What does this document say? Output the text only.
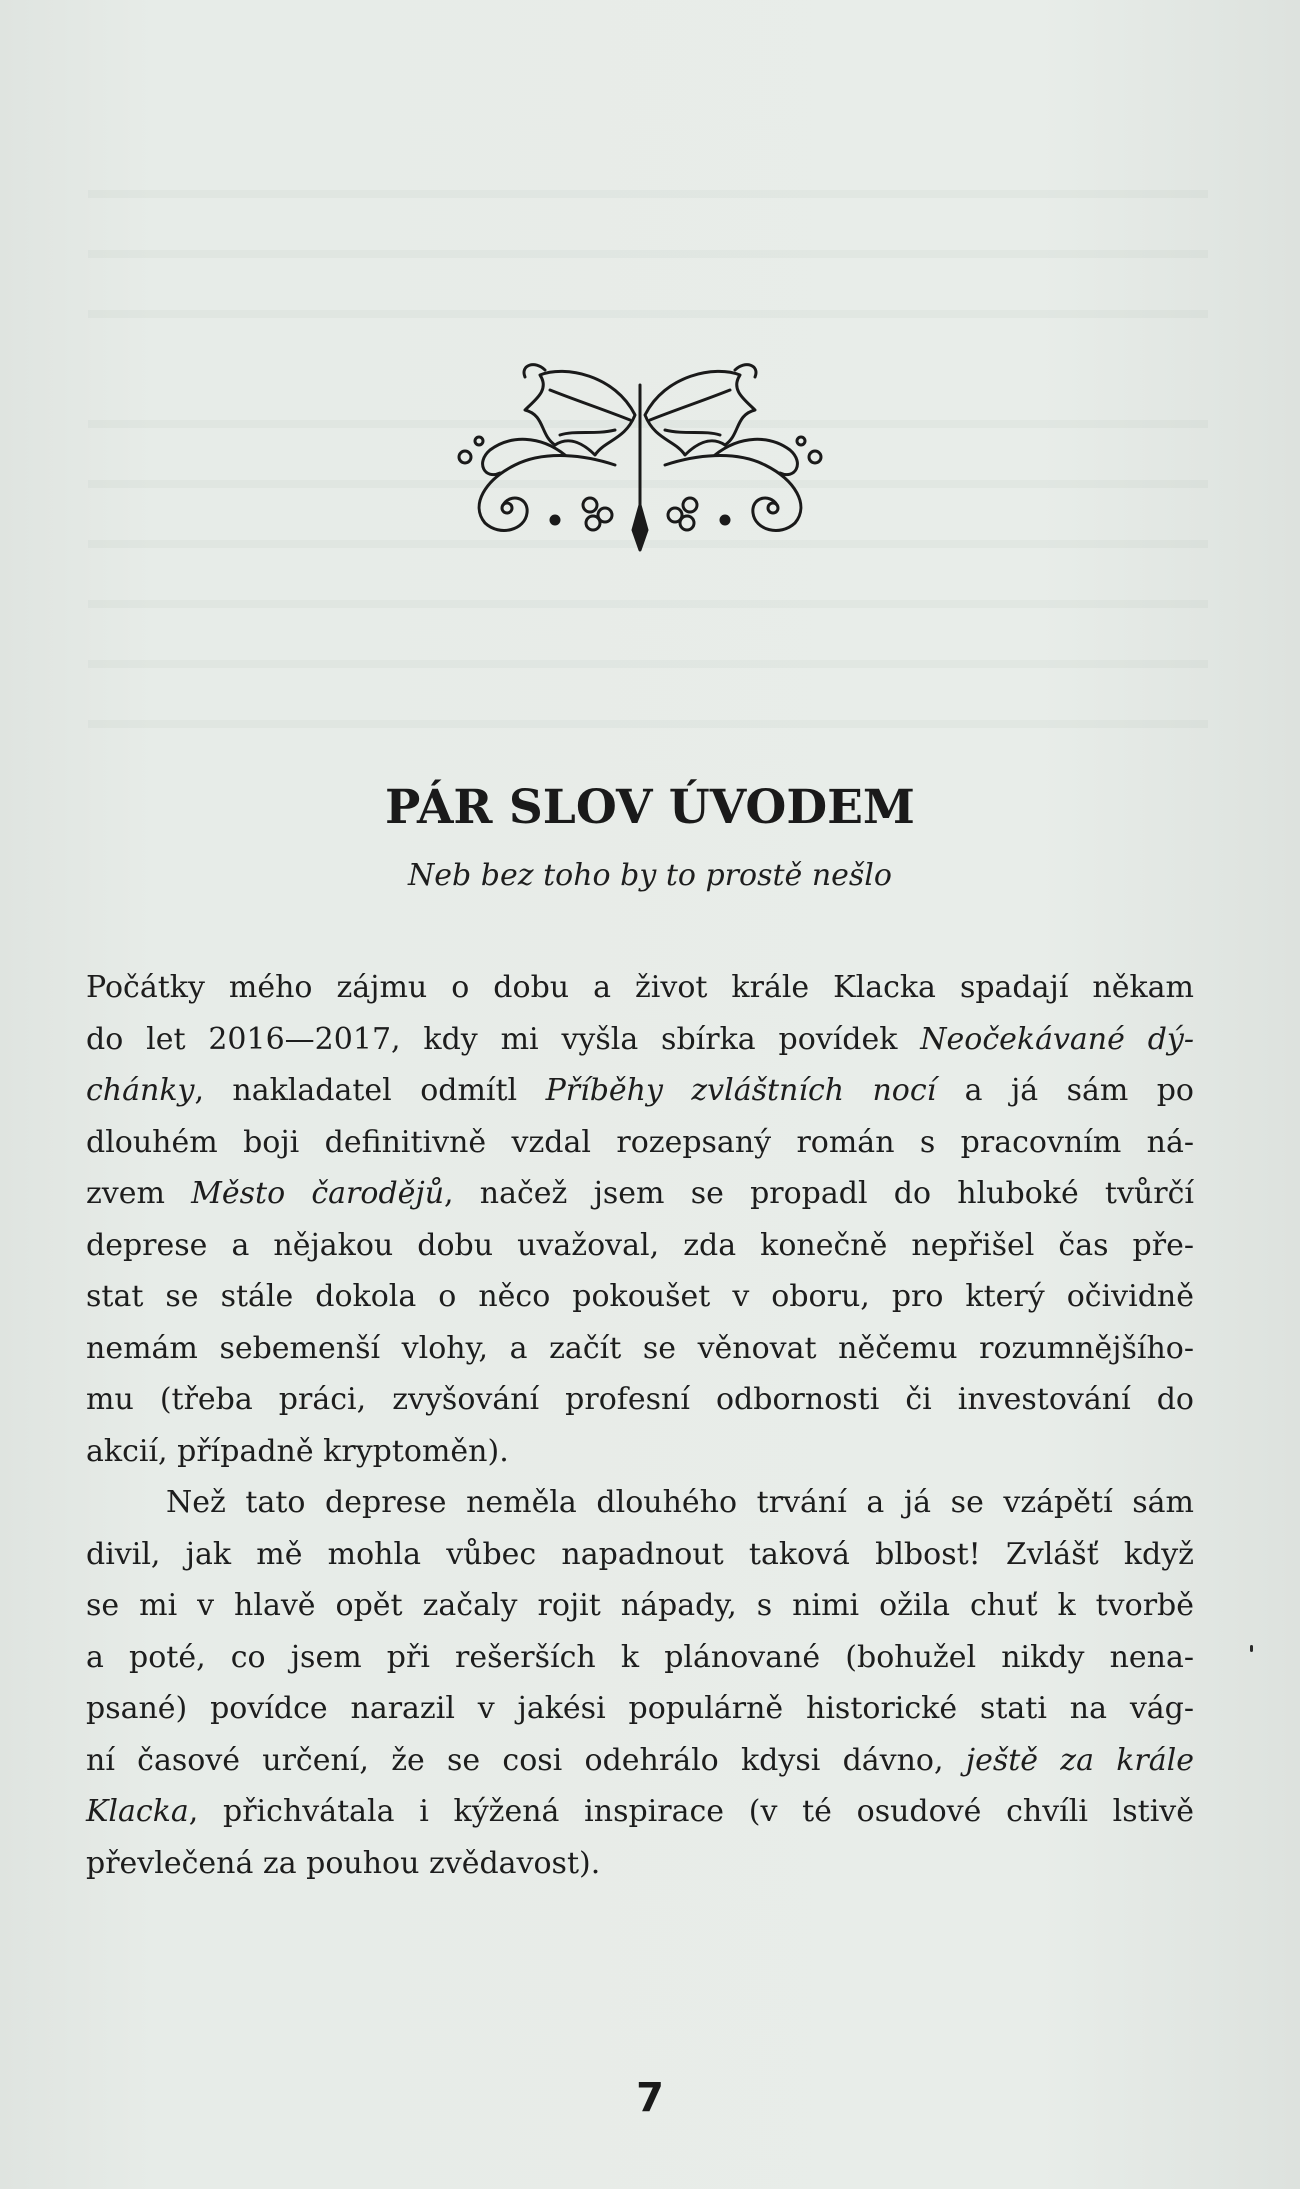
PÁR SLOV ÚVODEM
Neb bez toho by to prostě nešlo
Počátky mého zájmu o dobu a život krále Klacka spadají někam
do let 2016—2017, kdy mi vyšla sbírka povídek Neočekávané dý-
chánky, nakladatel odmítl Příběhy zvláštních nocí a já sám po
dlouhém boji definitivně vzdal rozepsaný román s pracovním ná-
zvem Město čarodějů, načež jsem se propadl do hluboké tvůrčí
deprese a nějakou dobu uvažoval, zda konečně nepřišel čas pře-
stat se stále dokola o něco pokoušet v oboru, pro který očividně
nemám sebemenší vlohy, a začít se věnovat něčemu rozumnějšího-
mu (třeba práci, zvyšování profesní odbornosti či investování do
akcií, případně kryptoměn).
Než tato deprese neměla dlouhého trvání a já se vzápětí sám
divil, jak mě mohla vůbec napadnout taková blbost! Zvlášť když
se mi v hlavě opět začaly rojit nápady, s nimi ožila chuť k tvorbě
a poté, co jsem při rešerších k plánované (bohužel nikdy nena-
psané) povídce narazil v jakési populárně historické stati na vág-
ní časové určení, že se cosi odehrálo kdysi dávno, ještě za krále
Klacka, přichvátala i kýžená inspirace (v té osudové chvíli lstivě
převlečená za pouhou zvědavost).
7
